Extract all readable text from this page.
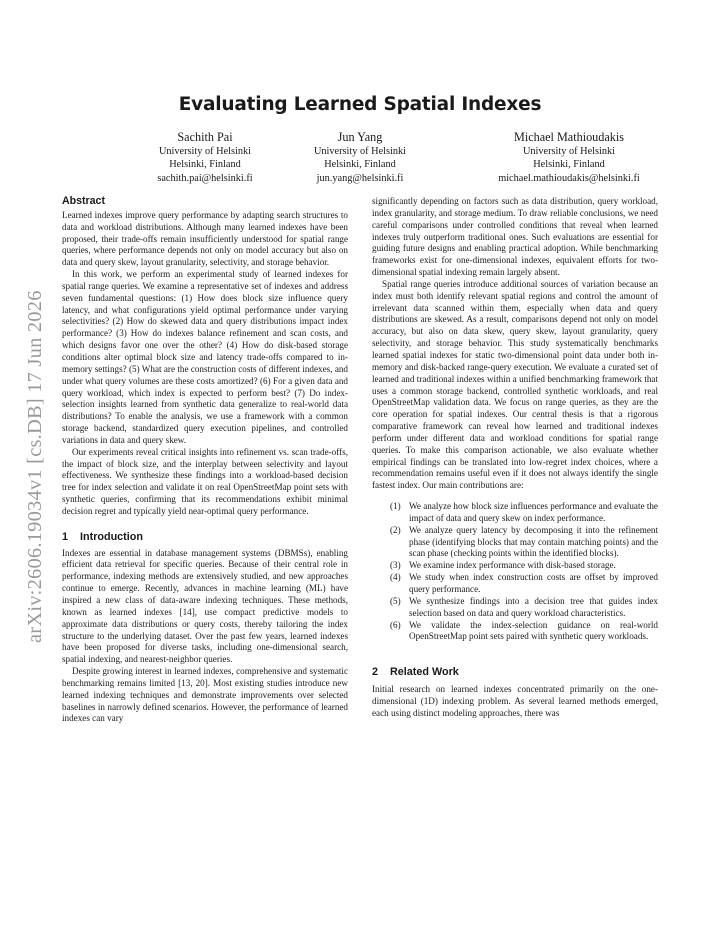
arXiv:2606.19034v1 [cs.DB] 17 Jun 2026
Evaluating Learned Spatial Indexes
Sachith Pai
University of Helsinki
Helsinki, Finland
sachith.pai@helsinki.fi
Jun Yang
University of Helsinki
Helsinki, Finland
jun.yang@helsinki.fi
Michael Mathioudakis
University of Helsinki
Helsinki, Finland
michael.mathioudakis@helsinki.fi
Abstract

Learned indexes improve query performance by adapting search structures to data and workload distributions. Although many learned indexes have been proposed, their trade-offs remain insufficiently understood for spatial range queries, where performance depends not only on model accuracy but also on data and query skew, layout granularity, selectivity, and storage behavior.

In this work, we perform an experimental study of learned indexes for spatial range queries. We examine a representative set of indexes and address seven fundamental questions: (1) How does block size influence query latency, and what configurations yield optimal performance under varying selectivities? (2) How do skewed data and query distributions impact index performance? (3) How do indexes balance refinement and scan costs, and which designs favor one over the other? (4) How do disk-based storage conditions alter optimal block size and latency trade-offs compared to in-memory settings? (5) What are the construction costs of different indexes, and under what query volumes are these costs amortized? (6) For a given data and query workload, which index is expected to perform best? (7) Do index-selection insights learned from synthetic data generalize to real-world data distributions? To enable the analysis, we use a framework with a common storage backend, standardized query execution pipelines, and controlled variations in data and query skew.

Our experiments reveal critical insights into refinement vs. scan trade-offs, the impact of block size, and the interplay between selectivity and layout effectiveness. We synthesize these findings into a workload-based decision tree for index selection and validate it on real OpenStreetMap point sets with synthetic queries, confirming that its recommendations exhibit minimal decision regret and typically yield near-optimal query performance.

1 Introduction

Indexes are essential in database management systems (DBMSs), enabling efficient data retrieval for specific queries. Because of their central role in performance, indexing methods are extensively studied, and new approaches continue to emerge. Recently, advances in machine learning (ML) have inspired a new class of data-aware indexing techniques. These methods, known as learned indexes [14], use compact predictive models to approximate data distributions or query costs, thereby tailoring the index structure to the underlying dataset. Over the past few years, learned indexes have been proposed for diverse tasks, including one-dimensional search, spatial indexing, and nearest-neighbor queries.

Despite growing interest in learned indexes, comprehensive and systematic benchmarking remains limited [13, 20]. Most existing studies introduce new learned indexing techniques and demonstrate improvements over selected baselines in narrowly defined scenarios. However, the performance of learned indexes can vary

significantly depending on factors such as data distribution, query workload, index granularity, and storage medium. To draw reliable conclusions, we need careful comparisons under controlled conditions that reveal when learned indexes truly outperform traditional ones. Such evaluations are essential for guiding future designs and enabling practical adoption. While benchmarking frameworks exist for one-dimensional indexes, equivalent efforts for two-dimensional spatial indexing remain largely absent.

Spatial range queries introduce additional sources of variation because an index must both identify relevant spatial regions and control the amount of irrelevant data scanned within them, especially when data and query distributions are skewed. As a result, comparisons depend not only on model accuracy, but also on data skew, query skew, layout granularity, query selectivity, and storage behavior. This study systematically benchmarks learned spatial indexes for static two-dimensional point data under both in-memory and disk-backed range-query execution. We evaluate a curated set of learned and traditional indexes within a unified benchmarking framework that uses a common storage backend, controlled synthetic workloads, and real OpenStreetMap validation data. We focus on range queries, as they are the core operation for spatial indexes. Our central thesis is that a rigorous comparative framework can reveal how learned and traditional indexes perform under different data and workload conditions for spatial range queries. To make this comparison actionable, we also evaluate whether empirical findings can be translated into low-regret index choices, where a recommendation remains useful even if it does not always identify the single fastest index. Our main contributions are:

(1) We analyze how block size influences performance and evaluate the impact of data and query skew on index performance.
(2) We analyze query latency by decomposing it into the refinement phase (identifying blocks that may contain matching points) and the scan phase (checking points within the identified blocks).
(3) We examine index performance with disk-based storage.
(4) We study when index construction costs are offset by improved query performance.
(5) We synthesize findings into a decision tree that guides index selection based on data and query workload characteristics.
(6) We validate the index-selection guidance on real-world OpenStreetMap point sets paired with synthetic query workloads.
2 Related Work

Initial research on learned indexes concentrated primarily on the one-dimensional (1D) indexing problem. As several learned methods emerged, each using distinct modeling approaches, there was
